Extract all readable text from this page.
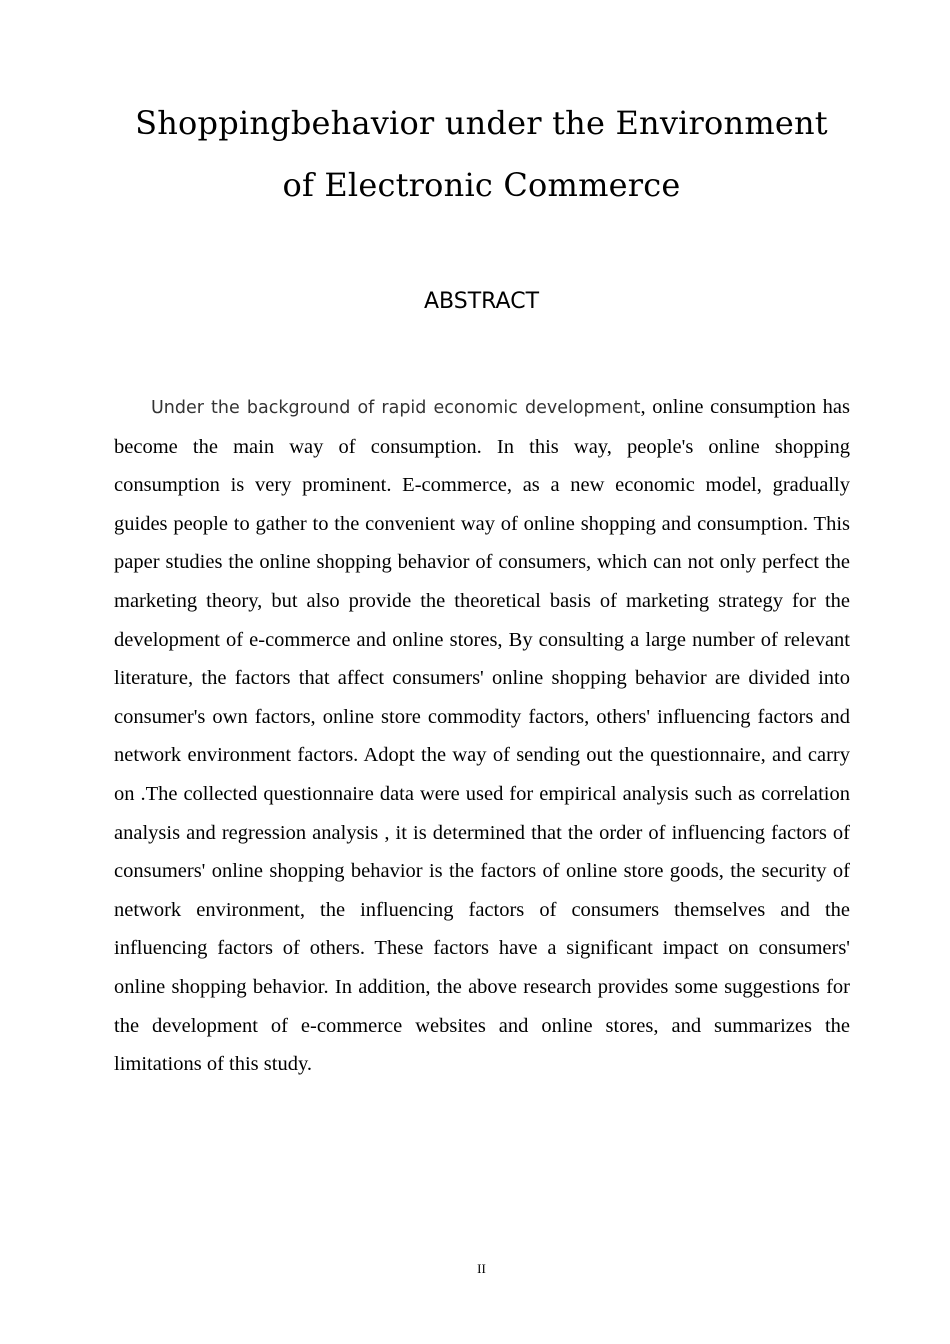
Shoppingbehavior under the Environment
of Electronic Commerce
ABSTRACT

Under the background of rapid economic development, online consumption has become the main way of consumption. In this way, people's online shopping consumption is very prominent. E-commerce, as a new economic model, gradually guides people to gather to the convenient way of online shopping and consumption. This paper studies the online shopping behavior of consumers, which can not only perfect the marketing theory, but also provide the theoretical basis of marketing strategy for the development of e-commerce and online stores, By consulting a large number of relevant literature, the factors that affect consumers' online shopping behavior are divided into consumer's own factors, online store commodity factors, others' influencing factors and network environment factors. Adopt the way of sending out the questionnaire, and carry on .The collected questionnaire data were used for empirical analysis such as correlation analysis and regression analysis , it is determined that the order of influencing factors of consumers' online shopping behavior is the factors of online store goods, the security of network environment, the influencing factors of consumers themselves and the influencing factors of others. These factors have a significant impact on consumers' online shopping behavior. In addition, the above research provides some suggestions for the development of e-commerce websites and online stores, and summarizes the limitations of this study.

II
